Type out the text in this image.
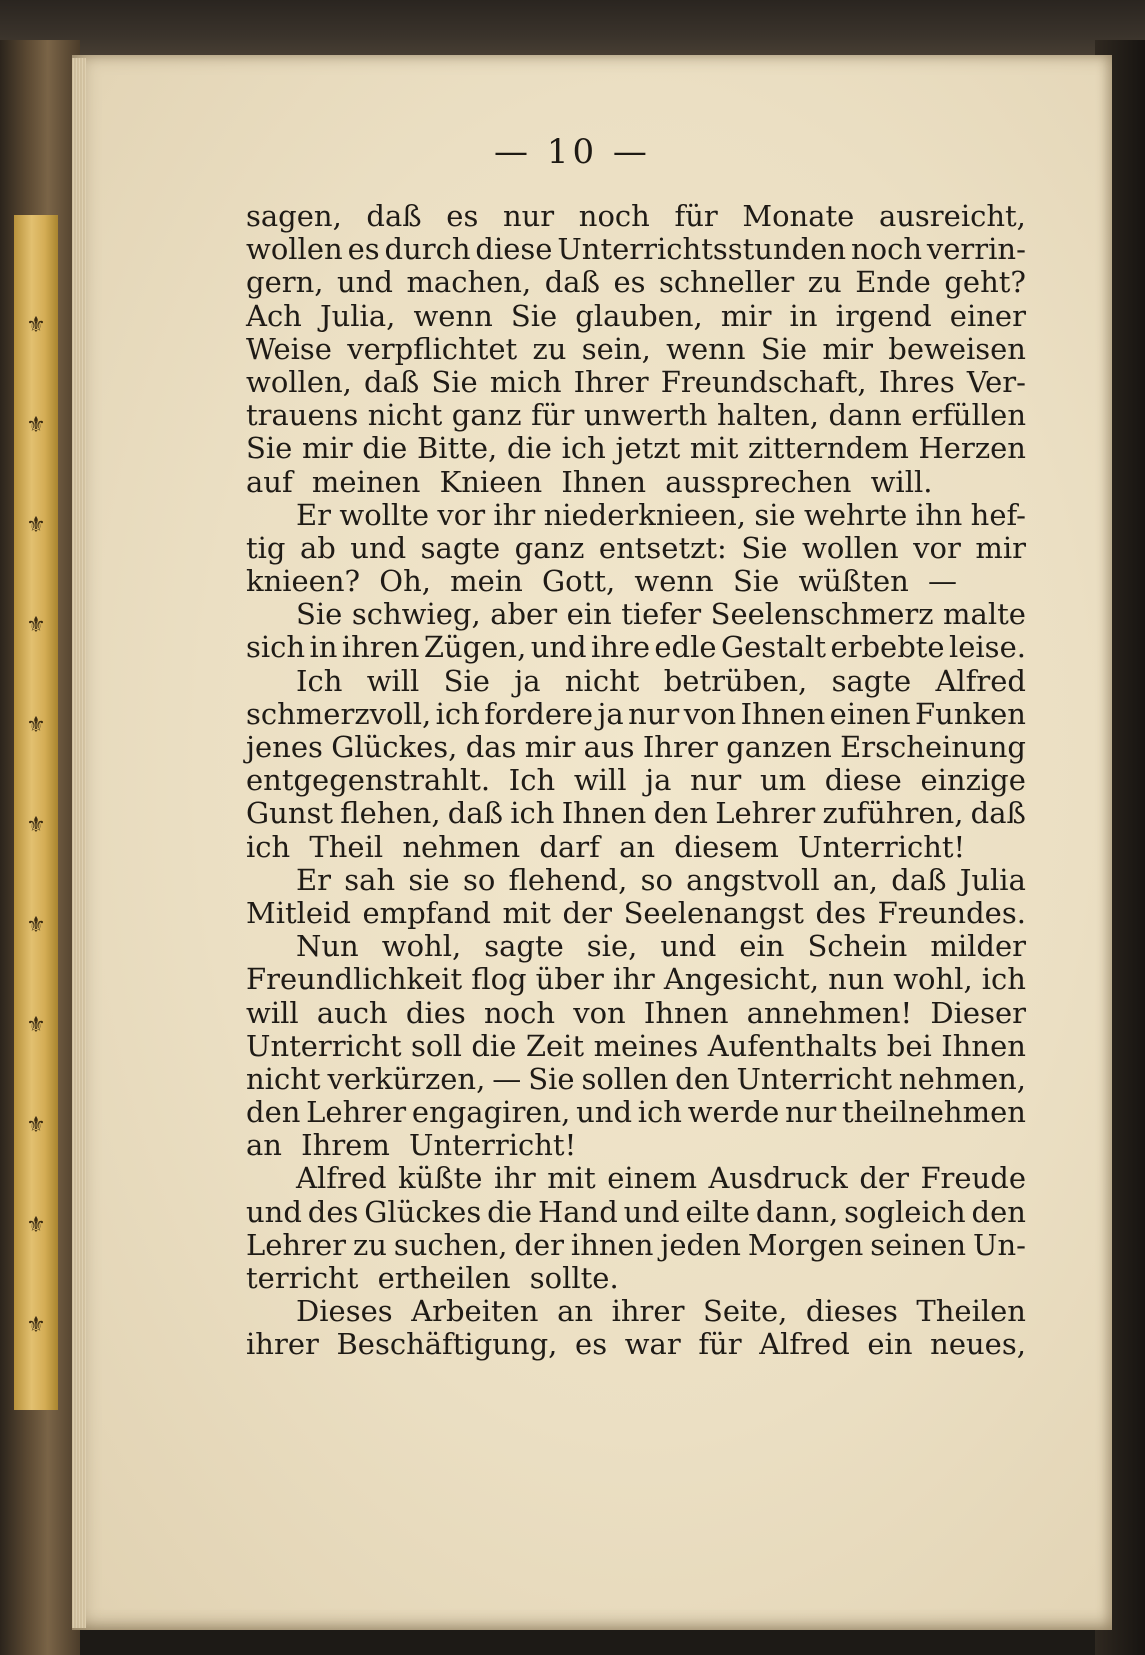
⚜
⚜
⚜
⚜
⚜
⚜
⚜
⚜
⚜
⚜
⚜
— 10 —
sagen, daß es nur noch für Monate ausreicht,
wollen es durch diese Unterrichtsstunden noch verrin-
gern, und machen, daß es schneller zu Ende geht?
Ach Julia, wenn Sie glauben, mir in irgend einer
Weise verpflichtet zu sein, wenn Sie mir beweisen
wollen, daß Sie mich Ihrer Freundschaft, Ihres Ver-
trauens nicht ganz für unwerth halten, dann erfüllen
Sie mir die Bitte, die ich jetzt mit zitterndem Herzen
auf meinen Knieen Ihnen aussprechen will.
Er wollte vor ihr niederknieen, sie wehrte ihn hef-
tig ab und sagte ganz entsetzt: Sie wollen vor mir
knieen? Oh, mein Gott, wenn Sie wüßten —
Sie schwieg, aber ein tiefer Seelenschmerz malte
sich in ihren Zügen, und ihre edle Gestalt erbebte leise.
Ich will Sie ja nicht betrüben, sagte Alfred
schmerzvoll, ich fordere ja nur von Ihnen einen Funken
jenes Glückes, das mir aus Ihrer ganzen Erscheinung
entgegenstrahlt. Ich will ja nur um diese einzige
Gunst flehen, daß ich Ihnen den Lehrer zuführen, daß
ich Theil nehmen darf an diesem Unterricht!
Er sah sie so flehend, so angstvoll an, daß Julia
Mitleid empfand mit der Seelenangst des Freundes.
Nun wohl, sagte sie, und ein Schein milder
Freundlichkeit flog über ihr Angesicht, nun wohl, ich
will auch dies noch von Ihnen annehmen! Dieser
Unterricht soll die Zeit meines Aufenthalts bei Ihnen
nicht verkürzen, — Sie sollen den Unterricht nehmen,
den Lehrer engagiren, und ich werde nur theilnehmen
an Ihrem Unterricht!
Alfred küßte ihr mit einem Ausdruck der Freude
und des Glückes die Hand und eilte dann, sogleich den
Lehrer zu suchen, der ihnen jeden Morgen seinen Un-
terricht ertheilen sollte.
Dieses Arbeiten an ihrer Seite, dieses Theilen
ihrer Beschäftigung, es war für Alfred ein neues,
